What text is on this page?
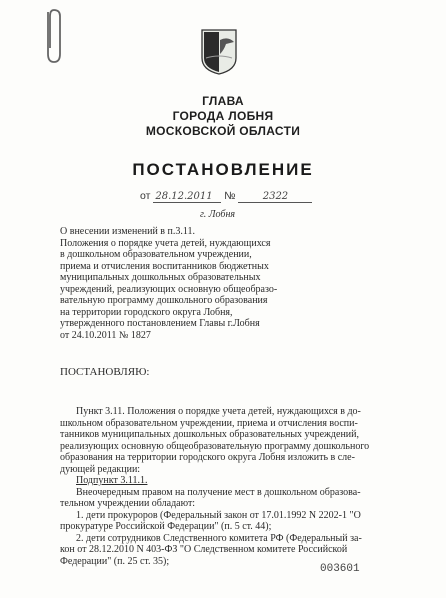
ГЛАВА
ГОРОДА ЛОБНЯ
МОСКОВСКОЙ ОБЛАСТИ
ПОСТАНОВЛЕНИЕ
от 28.12.2011 №	2322
г. Лобня
О внесении изменений в п.3.11.
Положения о порядке учета детей, нуждающихся
в дошкольном образовательном учреждении,
приема и отчисления воспитанников бюджетных
муниципальных дошкольных образовательных
учреждений, реализующих основную общеобразо-
вательную программу дошкольного образования
на территории городского округа Лобня,
утвержденного постановлением Главы г.Лобня
от 24.10.2011 № 1827
ПОСТАНОВЛЯЮ:
Пункт 3.11. Положения о порядке учета детей, нуждающихся в до-
школьном образовательном учреждении, приема и отчисления воспи-
танников муниципальных дошкольных образовательных учреждений,
реализующих основную общеобразовательную программу дошкольного
образования на территории городского округа Лобня изложить в сле-
дующей редакции:
Подпункт 3.11.1.
Внеочередным правом на получение мест в дошкольном образова-
тельном учреждении обладают:
1. дети прокуроров (Федеральный закон от 17.01.1992 N 2202-1 "О
прокуратуре Российской Федерации" (п. 5 ст. 44);
2. дети сотрудников Следственного комитета РФ (Федеральный за-
кон от 28.12.2010 N 403-ФЗ "О Следственном комитете Российской
Федерации" (п. 25 ст. 35);
003601
